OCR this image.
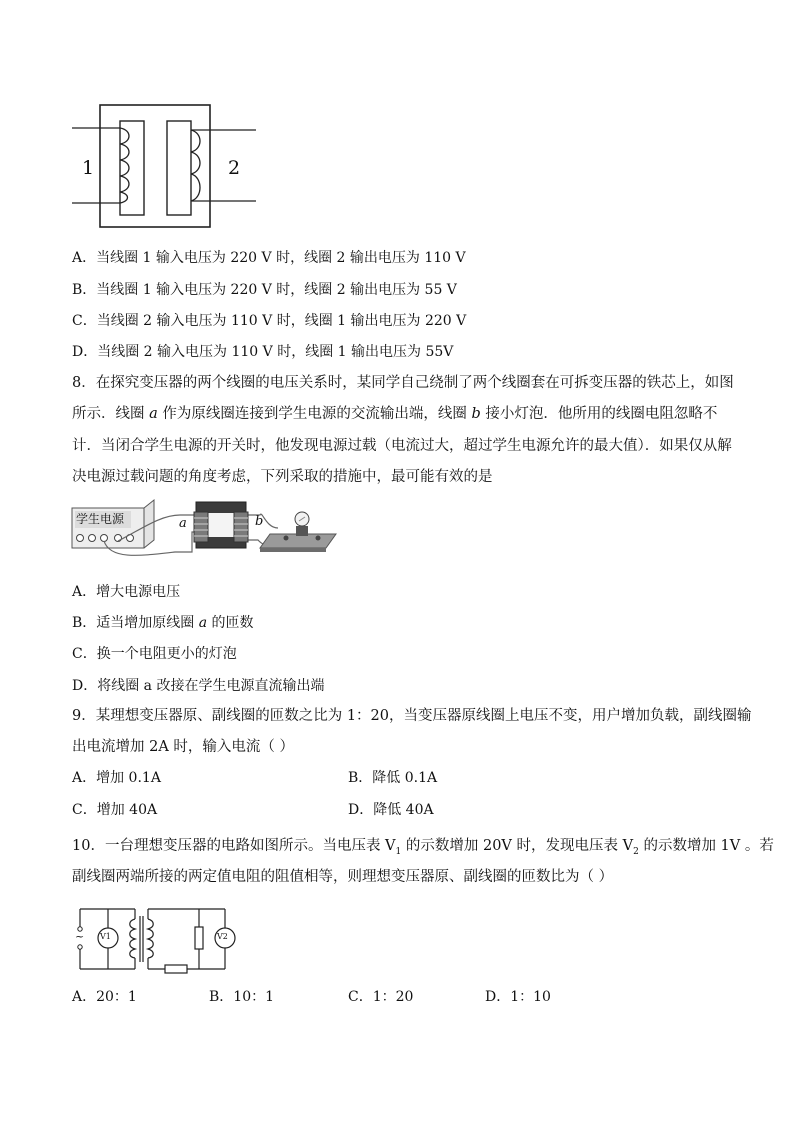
1	2
A．当线圈 1 输入电压为 220 V 时，线圈 2 输出电压为 110 V
B．当线圈 1 输入电压为 220 V 时，线圈 2 输出电压为 55 V
C．当线圈 2 输入电压为 110 V 时，线圈 1 输出电压为 220 V
D．当线圈 2 输入电压为 110 V 时，线圈 1 输出电压为 55V
8．在探究变压器的两个线圈的电压关系时，某同学自己绕制了两个线圈套在可拆变压器的铁芯上，如图
所示．线圈 a 作为原线圈连接到学生电源的交流输出端，线圈 b 接小灯泡．他所用的线圈电阻忽略不
计．当闭合学生电源的开关时，他发现电源过载（电流过大，超过学生电源允许的最大值）．如果仅从解
决电源过载问题的角度考虑，下列采取的措施中，最可能有效的是
学生电源	a	b
A．增大电源电压
B．适当增加原线圈 a 的匝数
C．换一个电阻更小的灯泡
D．将线圈 a 改接在学生电源直流输出端
9．某理想变压器原、副线圈的匝数之比为 1：20，当变压器原线圈上电压不变，用户增加负载，副线圈输
出电流增加 2A 时，输入电流（ ）
A．增加 0.1A	B．降低 0.1A
C．增加 40A	D．降低 40A
10．一台理想变压器的电路如图所示。当电压表 $V_1$ 的示数增加 20V 时，发现电压表 $V_2$ 的示数增加 1V 。若
副线圈两端所接的两定值电阻的阻值相等，则理想变压器原、副线圈的匝数比为（ ）
~ V1	V2
A．20：1	B．10：1	C．1：20	D．1：10
